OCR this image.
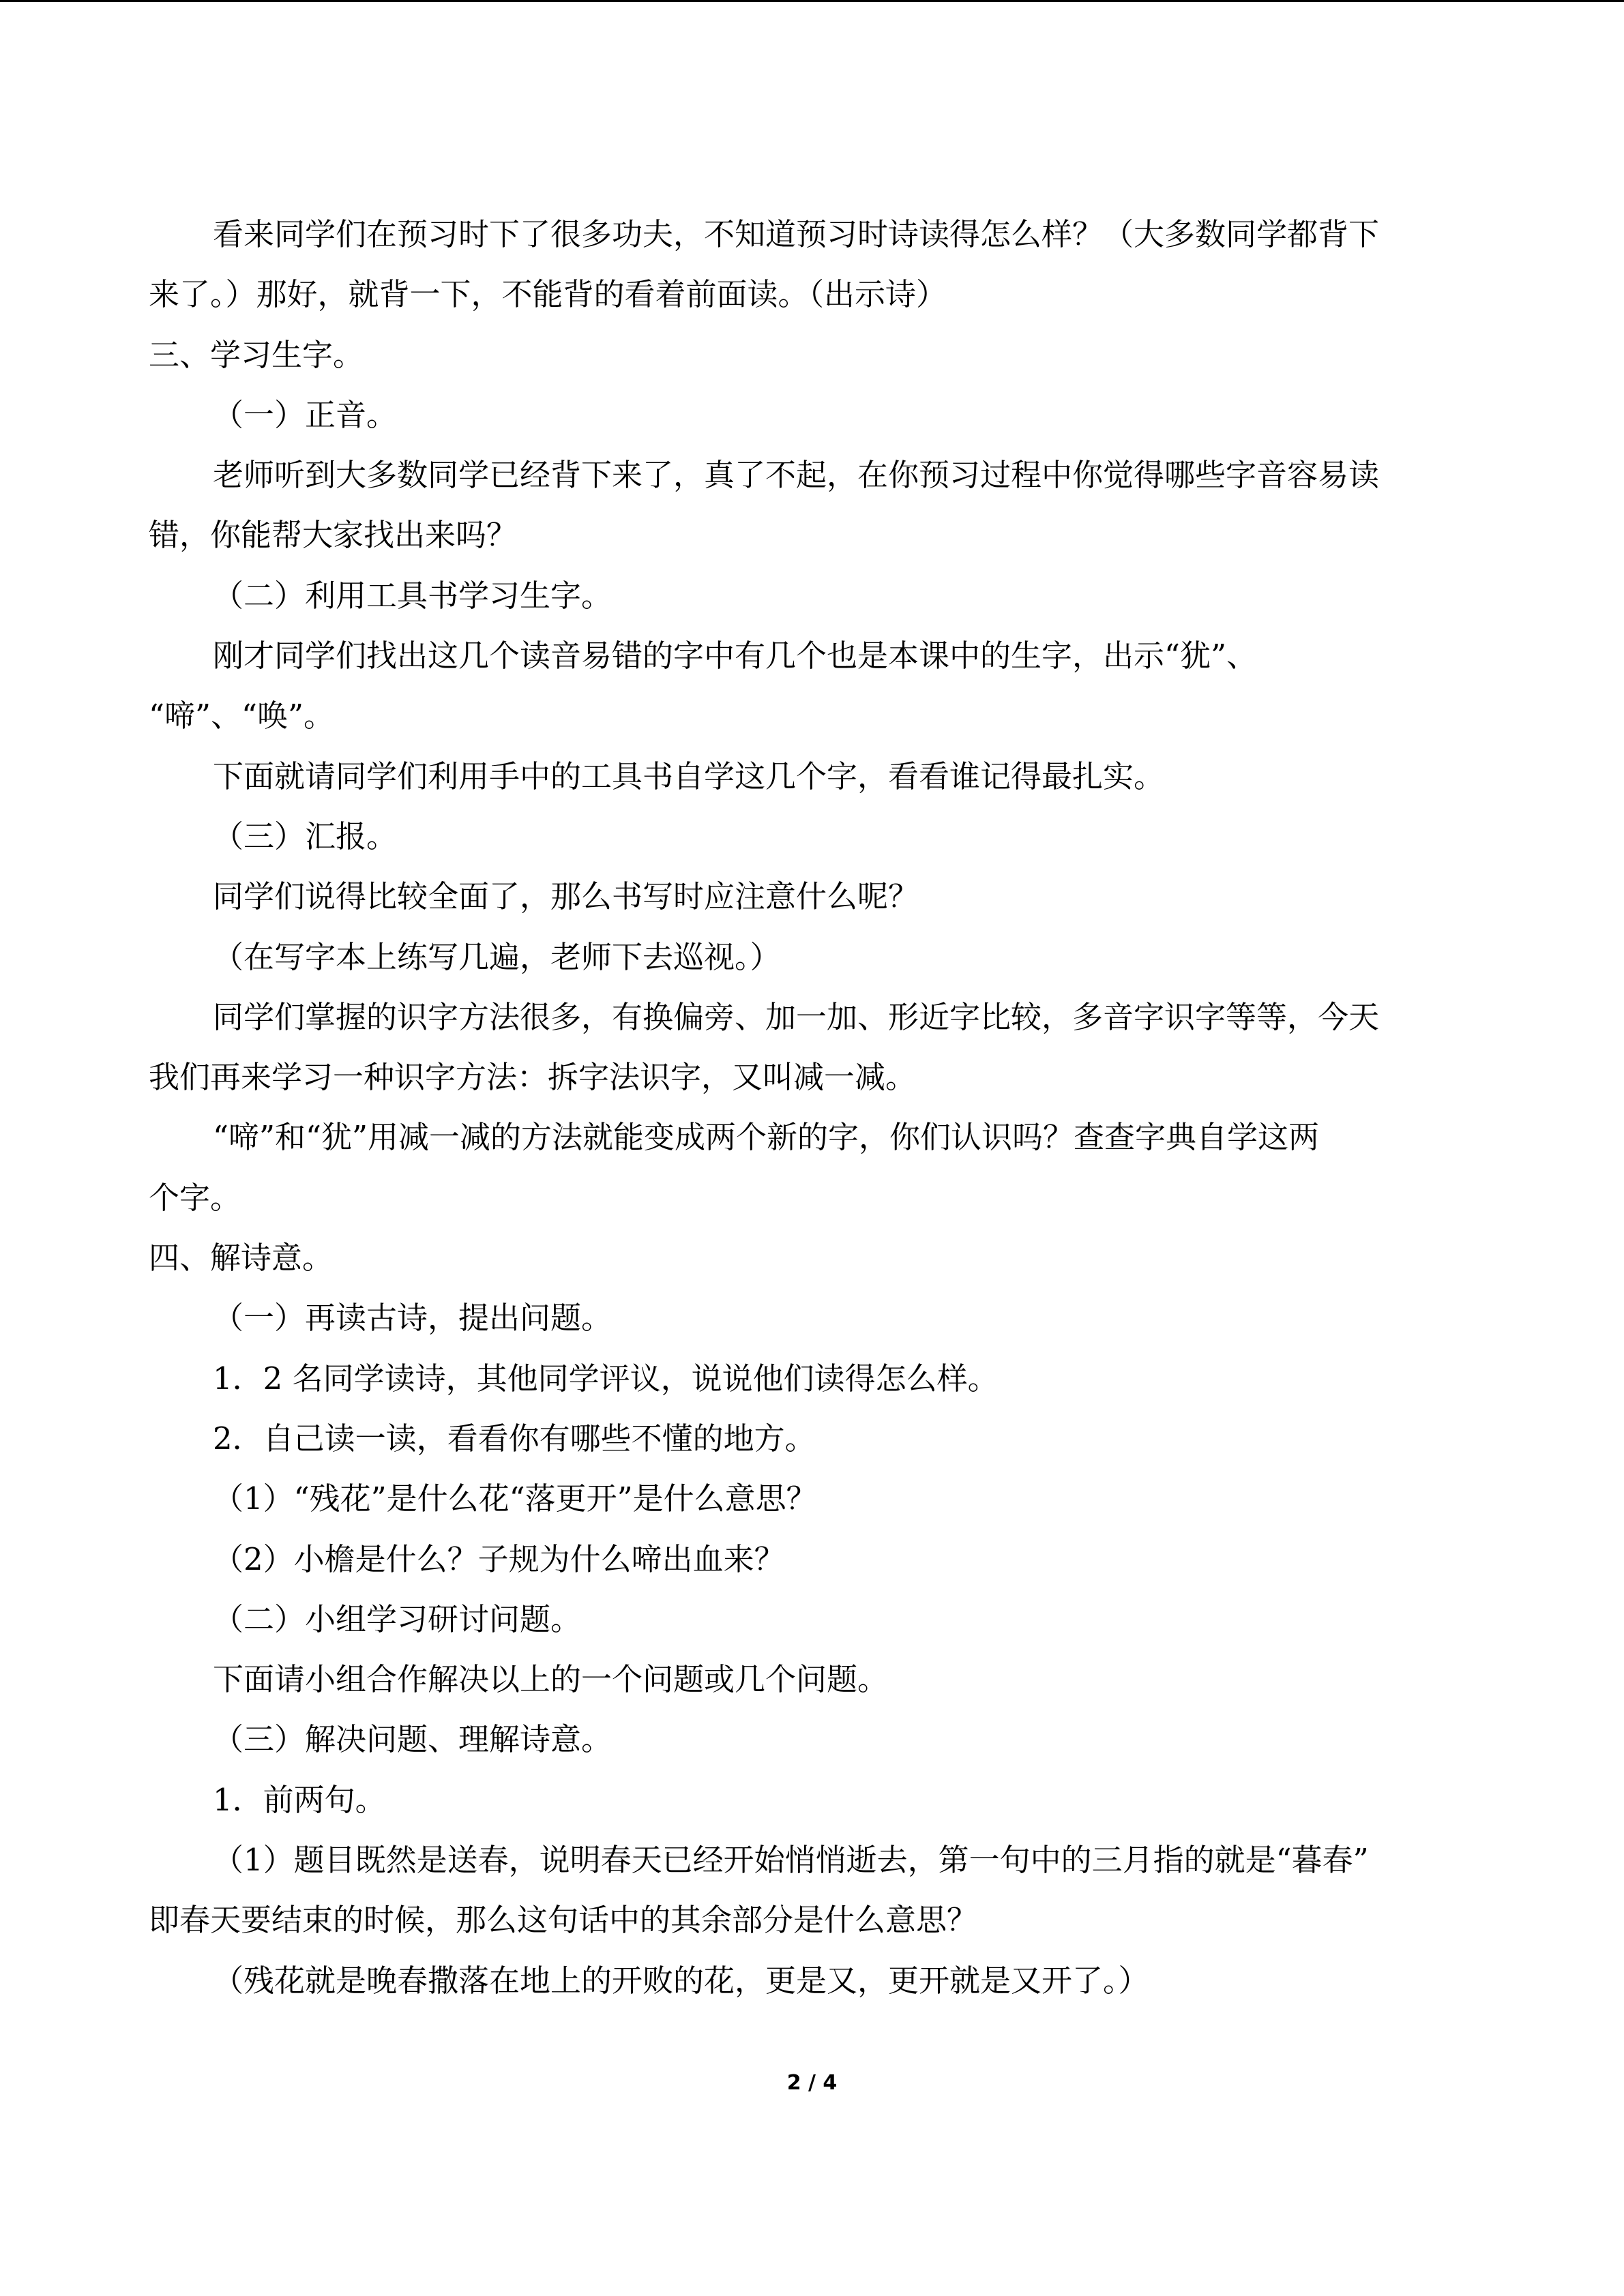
看来同学们在预习时下了很多功夫，不知道预习时诗读得怎么样？（大多数同学都背下
来了。）那好，就背一下，不能背的看着前面读。（出示诗）
三、学习生字。
（一）正音。
老师听到大多数同学已经背下来了，真了不起，在你预习过程中你觉得哪些字音容易读
错，你能帮大家找出来吗？
（二）利用工具书学习生字。
刚才同学们找出这几个读音易错的字中有几个也是本课中的生字，出示“犹”、
“啼”、“唤”。
下面就请同学们利用手中的工具书自学这几个字，看看谁记得最扎实。
（三）汇报。
同学们说得比较全面了，那么书写时应注意什么呢？
（在写字本上练写几遍，老师下去巡视。）
同学们掌握的识字方法很多，有换偏旁、加一加、形近字比较，多音字识字等等，今天
我们再来学习一种识字方法：拆字法识字，又叫减一减。
“啼”和“犹”用减一减的方法就能变成两个新的字，你们认识吗？查查字典自学这两
个字。
四、解诗意。
（一）再读古诗，提出问题。
1．2 名同学读诗，其他同学评议，说说他们读得怎么样。
2．自己读一读，看看你有哪些不懂的地方。
（1）“残花”是什么花“落更开”是什么意思？
（2）小檐是什么？子规为什么啼出血来？
（二）小组学习研讨问题。
下面请小组合作解决以上的一个问题或几个问题。
（三）解决问题、理解诗意。
1．前两句。
（1）题目既然是送春，说明春天已经开始悄悄逝去，第一句中的三月指的就是“暮春”
即春天要结束的时候，那么这句话中的其余部分是什么意思？
（残花就是晚春撒落在地上的开败的花，更是又，更开就是又开了。）
2 / 4
